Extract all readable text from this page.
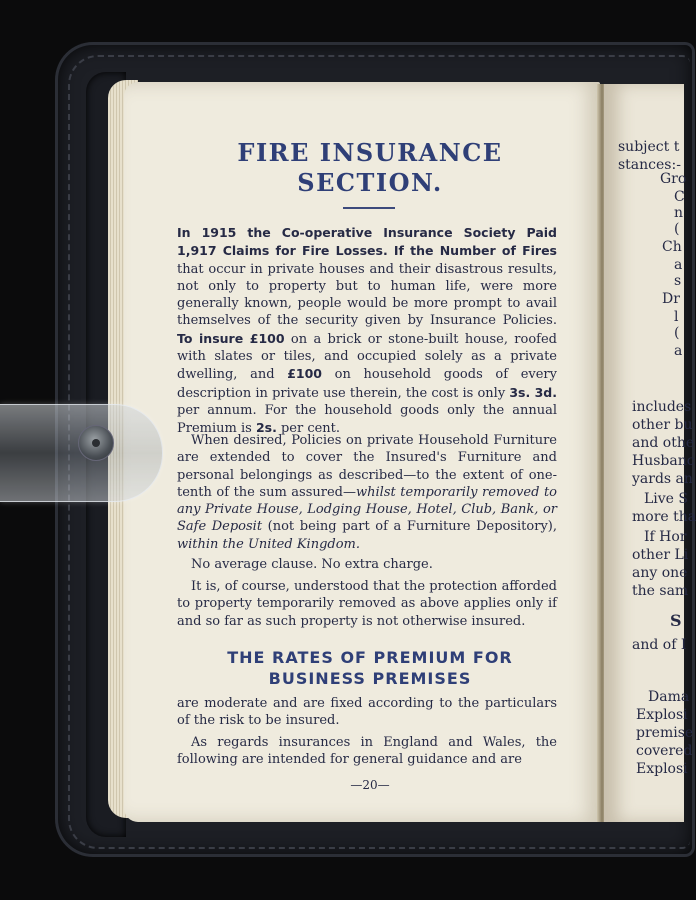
subject t
stances:-
Gro
C
n
(
Ch
a
s
Dr
l
(
a
includes
other bu
and othe
Husbanc
yards an
Live S
more tha
If Hor
other Li
any one
the sam
S
and of I
Dama
Explosi
premise
covered
Explosi
FIRE INSURANCE
SECTION.
In 1915 the Co-operative Insurance Society Paid 1,917 Claims for Fire Losses. If the Number of Fires that occur in private houses and their disastrous results, not only to property but to human life, were more generally known, people would be more prompt to avail themselves of the security given by Insurance Policies. To insure £100 on a brick or stone-built house, roofed with slates or tiles, and occupied solely as a private dwelling, and £100 on household goods of every description in private use therein, the cost is only 3s. 3d. per annum. For the household goods only the annual Premium is 2s. per cent.
When desired, Policies on private Household Furniture are extended to cover the Insured's Furniture and personal belongings as described—to the extent of one-tenth of the sum assured—whilst temporarily removed to any Private House, Lodging House, Hotel, Club, Bank, or Safe Deposit (not being part of a Furniture Depository), within the United Kingdom.
No average clause. No extra charge.
It is, of course, understood that the protection afforded to property temporarily removed as above applies only if and so far as such property is not otherwise insured.
THE RATES OF PREMIUM FOR
BUSINESS PREMISES
are moderate and are fixed according to the particulars of the risk to be insured.
As regards insurances in England and Wales, the following are intended for general guidance and are
—20—
